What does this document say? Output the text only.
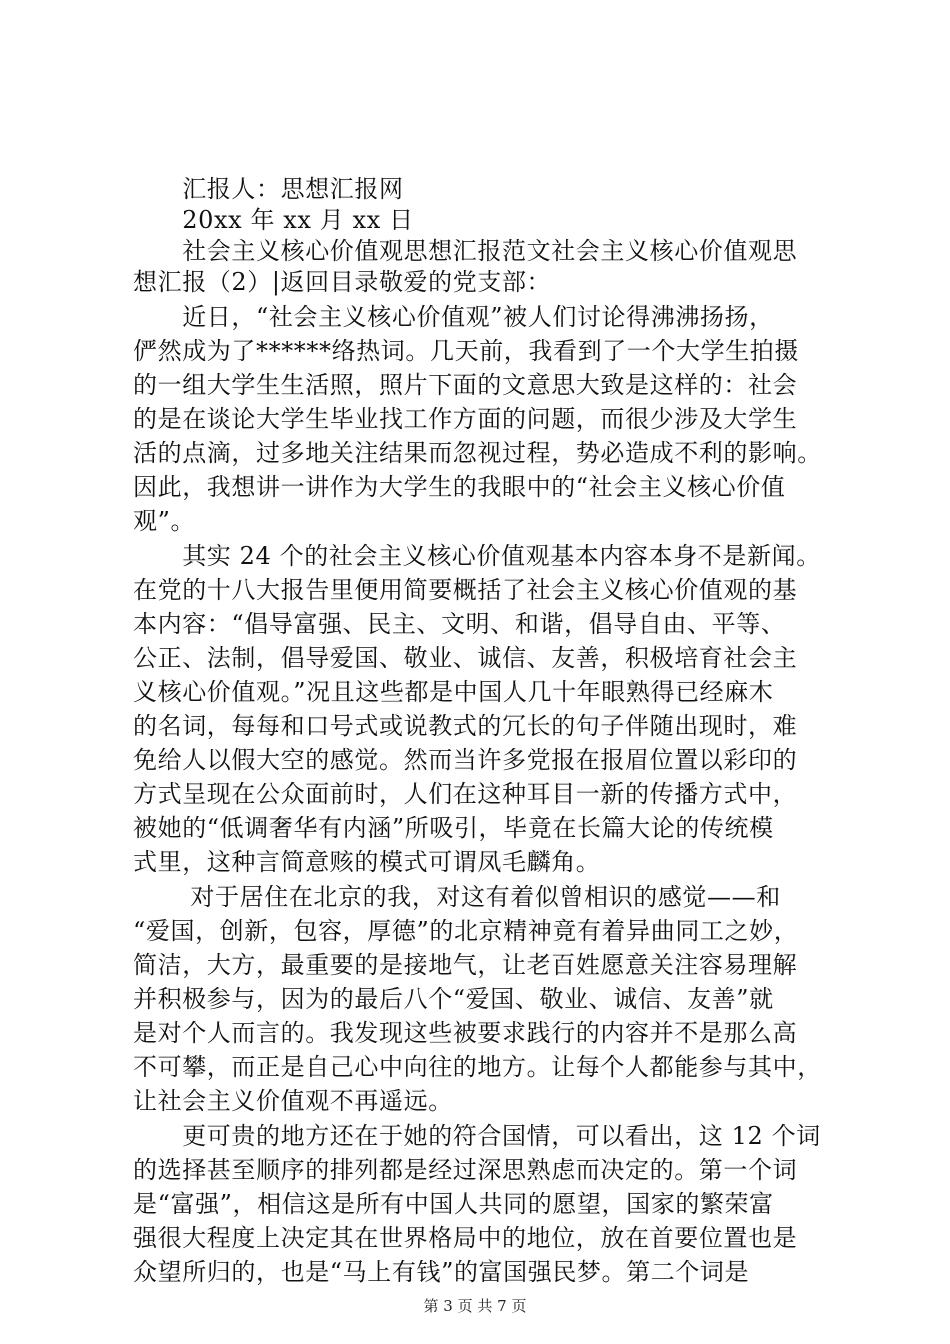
　　汇报人：思想汇报网
　　20xx 年 xx 月 xx 日
　　社会主义核心价值观思想汇报范文社会主义核心价值观思
想汇报（2）|返回目录敬爱的党支部：
　　近日，“社会主义核心价值观”被人们讨论得沸沸扬扬，
俨然成为了******络热词。几天前，我看到了一个大学生拍摄
的一组大学生生活照，照片下面的文意思大致是这样的：社会
的是在谈论大学生毕业找工作方面的问题，而很少涉及大学生
活的点滴，过多地关注结果而忽视过程，势必造成不利的影响。
因此，我想讲一讲作为大学生的我眼中的“社会主义核心价值
观”。
　　其实 24 个的社会主义核心价值观基本内容本身不是新闻。
在党的十八大报告里便用简要概括了社会主义核心价值观的基
本内容：“倡导富强、民主、文明、和谐，倡导自由、平等、
公正、法制，倡导爱国、敬业、诚信、友善，积极培育社会主
义核心价值观。”况且这些都是中国人几十年眼熟得已经麻木
的名词，每每和口号式或说教式的冗长的句子伴随出现时，难
免给人以假大空的感觉。然而当许多党报在报眉位置以彩印的
方式呈现在公众面前时，人们在这种耳目一新的传播方式中，
被她的“低调奢华有内涵”所吸引，毕竟在长篇大论的传统模
式里，这种言简意赅的模式可谓凤毛麟角。
　　 对于居住在北京的我，对这有着似曾相识的感觉——和
“爱国，创新，包容，厚德”的北京精神竟有着异曲同工之妙，
简洁，大方，最重要的是接地气，让老百姓愿意关注容易理解
并积极参与，因为的最后八个“爱国、敬业、诚信、友善”就
是对个人而言的。我发现这些被要求践行的内容并不是那么高
不可攀，而正是自己心中向往的地方。让每个人都能参与其中，
让社会主义价值观不再遥远。
　　更可贵的地方还在于她的符合国情，可以看出，这 12 个词
的选择甚至顺序的排列都是经过深思熟虑而决定的。第一个词
是“富强”，相信这是所有中国人共同的愿望，国家的繁荣富
强很大程度上决定其在世界格局中的地位，放在首要位置也是
众望所归的，也是“马上有钱”的富国强民梦。第二个词是
第 3 页 共 7 页
